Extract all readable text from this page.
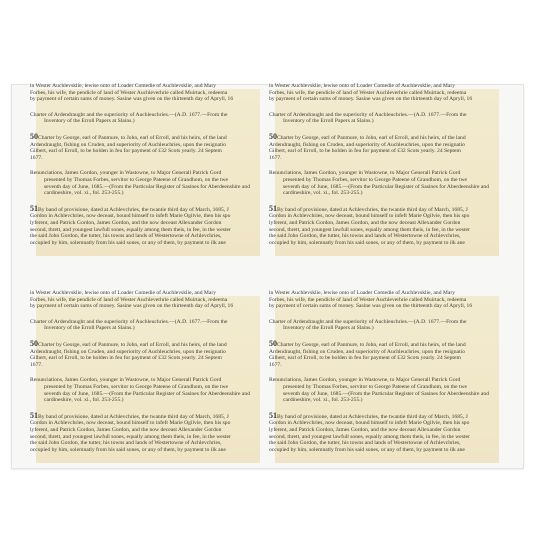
in Wester Auchlevsklie, lewise onto of Loader Comedie of Auchlevsklie, and Mary
Forbes, his wife, the pendicle of land of Wester Auchleverhrie called Muirtack, redeema
by payment of certain sums of money. Sasine was given on the thirteenth day of Apryll, 16
Charter of Ardendraught and the superiority of Auchleuchries.—(A.D. 1677.—From the
Inventory of the Erroll Papers at Slains.)
50Charter by George, earl of Panmure, to John, earl of Erroll, and his heirs, of the land
Ardendraught, fishing on Cruden, and superiority of Auchleuchries, upon the resignatio
Gilbert, earl of Erroll, to be holden in feu for payment of £32 Scots yearly. 24 Septem
1677.
Renunciations, James Gordon, younger in Wastowne, to Major Generall Patrick Gord
presented by Thomas Forbes, servitor to George Pateene of Grandhom, on the twe
seventh day of June, 1685.—(From the Particular Register of Sasines for Aberdeenshire and
cardineshire, vol. xi., fol. 253-255.)
51By band of provisione, dated at Achlevchries, the twantie third day of March, 1685, J
Gordon in Achlevchries, now deceast, bound himself to infeft Marie Ogilvie, then his spo
lyferent, and Patrick Gordon, James Gordon, and the now deceast Allexander Gordon
second, thrett, and youngest lawfull sones, equally among them theis, in fee, in the wester
the said John Gordon, the tutter, his towns and lands of Westertowne of Achlevchries,
occupied by him, solemnatly from his said sones, or any of them, by payment to ilk ane
in Wester Auchlevsklie, lewise onto of Loader Comedie of Auchlevsklie, and Mary
Forbes, his wife, the pendicle of land of Wester Auchleverhrie called Muirtack, redeema
by payment of certain sums of money. Sasine was given on the thirteenth day of Apryll, 16
Charter of Ardendraught and the superiority of Auchleuchries.—(A.D. 1677.—From the
Inventory of the Erroll Papers at Slains.)
50Charter by George, earl of Panmure, to John, earl of Erroll, and his heirs, of the land
Ardendraught, fishing on Cruden, and superiority of Auchleuchries, upon the resignatio
Gilbert, earl of Erroll, to be holden in feu for payment of £32 Scots yearly. 24 Septem
1677.
Renunciations, James Gordon, younger in Wastowne, to Major Generall Patrick Gord
presented by Thomas Forbes, servitor to George Pateene of Grandhom, on the twe
seventh day of June, 1685.—(From the Particular Register of Sasines for Aberdeenshire and
cardineshire, vol. xi., fol. 253-255.)
51By band of provisione, dated at Achlevchries, the twantie third day of March, 1685, J
Gordon in Achlevchries, now deceast, bound himself to infeft Marie Ogilvie, then his spo
lyferent, and Patrick Gordon, James Gordon, and the now deceast Allexander Gordon
second, thrett, and youngest lawfull sones, equally among them theis, in fee, in the wester
the said John Gordon, the tutter, his towns and lands of Westertowne of Achlevchries,
occupied by him, solemnatly from his said sones, or any of them, by payment to ilk ane
in Wester Auchlevsklie, lewise onto of Loader Comedie of Auchlevsklie, and Mary
Forbes, his wife, the pendicle of land of Wester Auchleverhrie called Muirtack, redeema
by payment of certain sums of money. Sasine was given on the thirteenth day of Apryll, 16
Charter of Ardendraught and the superiority of Auchleuchries.—(A.D. 1677.—From the
Inventory of the Erroll Papers at Slains.)
50Charter by George, earl of Panmure, to John, earl of Erroll, and his heirs, of the land
Ardendraught, fishing on Cruden, and superiority of Auchleuchries, upon the resignatio
Gilbert, earl of Erroll, to be holden in feu for payment of £32 Scots yearly. 24 Septem
1677.
Renunciations, James Gordon, younger in Wastowne, to Major Generall Patrick Gord
presented by Thomas Forbes, servitor to George Pateene of Grandhom, on the twe
seventh day of June, 1685.—(From the Particular Register of Sasines for Aberdeenshire and
cardineshire, vol. xi., fol. 253-255.)
51By band of provisione, dated at Achlevchries, the twantie third day of March, 1685, J
Gordon in Achlevchries, now deceast, bound himself to infeft Marie Ogilvie, then his spo
lyferent, and Patrick Gordon, James Gordon, and the now deceast Allexander Gordon
second, thrett, and youngest lawfull sones, equally among them theis, in fee, in the wester
the said John Gordon, the tutter, his towns and lands of Westertowne of Achlevchries,
occupied by him, solemnatly from his said sones, or any of them, by payment to ilk ane
in Wester Auchlevsklie, lewise onto of Loader Comedie of Auchlevsklie, and Mary
Forbes, his wife, the pendicle of land of Wester Auchleverhrie called Muirtack, redeema
by payment of certain sums of money. Sasine was given on the thirteenth day of Apryll, 16
Charter of Ardendraught and the superiority of Auchleuchries.—(A.D. 1677.—From the
Inventory of the Erroll Papers at Slains.)
50Charter by George, earl of Panmure, to John, earl of Erroll, and his heirs, of the land
Ardendraught, fishing on Cruden, and superiority of Auchleuchries, upon the resignatio
Gilbert, earl of Erroll, to be holden in feu for payment of £32 Scots yearly. 24 Septem
1677.
Renunciations, James Gordon, younger in Wastowne, to Major Generall Patrick Gord
presented by Thomas Forbes, servitor to George Pateene of Grandhom, on the twe
seventh day of June, 1685.—(From the Particular Register of Sasines for Aberdeenshire and
cardineshire, vol. xi., fol. 253-255.)
51By band of provisione, dated at Achlevchries, the twantie third day of March, 1685, J
Gordon in Achlevchries, now deceast, bound himself to infeft Marie Ogilvie, then his spo
lyferent, and Patrick Gordon, James Gordon, and the now deceast Allexander Gordon
second, thrett, and youngest lawfull sones, equally among them theis, in fee, in the wester
the said John Gordon, the tutter, his towns and lands of Westertowne of Achlevchries,
occupied by him, solemnatly from his said sones, or any of them, by payment to ilk ane
